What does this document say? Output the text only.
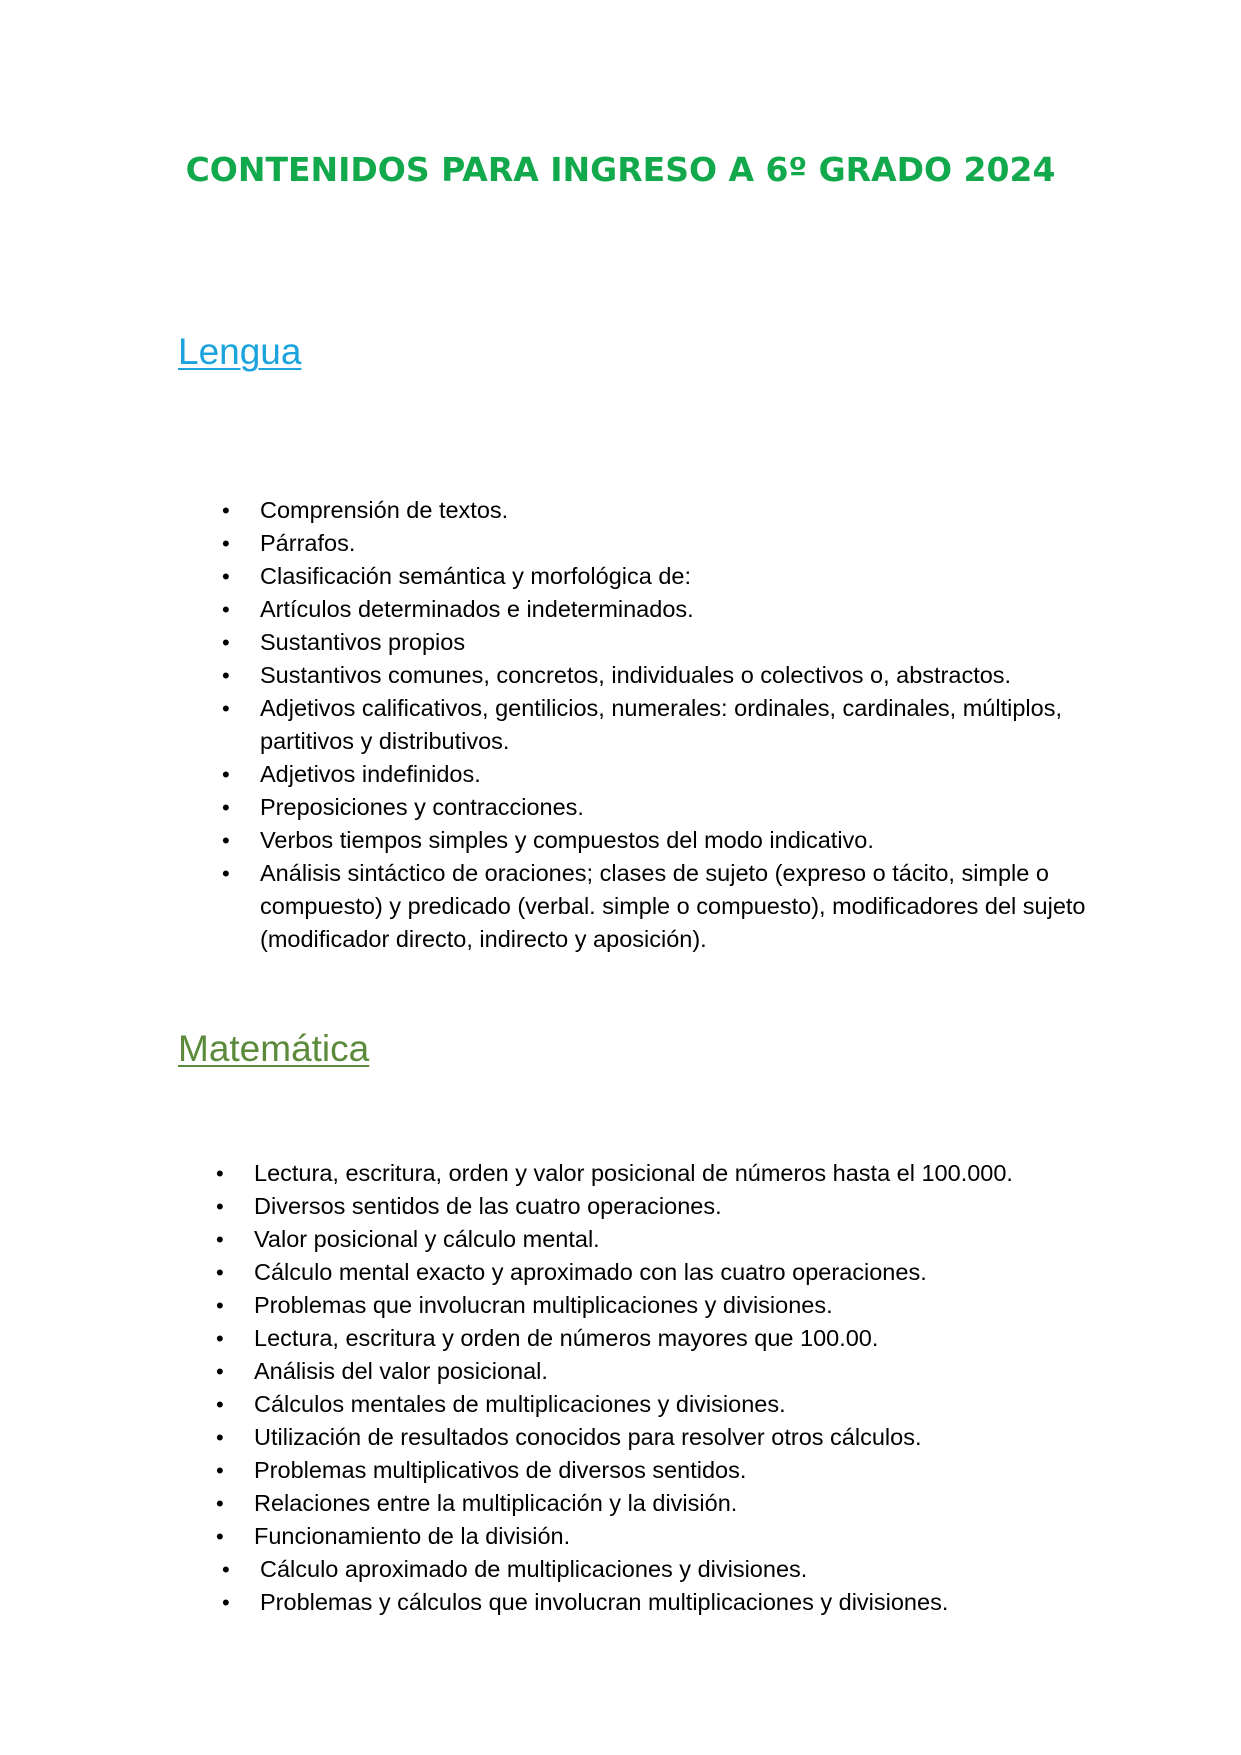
CONTENIDOS PARA INGRESO A 6º GRADO 2024
Lengua
• Comprensión de textos.
• Párrafos.
• Clasificación semántica y morfológica de:
• Artículos determinados e indeterminados.
• Sustantivos propios
• Sustantivos comunes, concretos, individuales o colectivos o, abstractos.
• Adjetivos calificativos, gentilicios, numerales: ordinales, cardinales, múltiplos, partitivos y distributivos.
• Adjetivos indefinidos.
• Preposiciones y contracciones.
• Verbos tiempos simples y compuestos del modo indicativo.
• Análisis sintáctico de oraciones; clases de sujeto (expreso o tácito, simple o compuesto) y predicado (verbal. simple o compuesto), modificadores del sujeto (modificador directo, indirecto y aposición).
Matemática
• Lectura, escritura, orden y valor posicional de números hasta el 100.000.
• Diversos sentidos de las cuatro operaciones.
• Valor posicional y cálculo mental.
• Cálculo mental exacto y aproximado con las cuatro operaciones.
• Problemas que involucran multiplicaciones y divisiones.
• Lectura, escritura y orden de números mayores que 100.00.
• Análisis del valor posicional.
• Cálculos mentales de multiplicaciones y divisiones.
• Utilización de resultados conocidos para resolver otros cálculos.
• Problemas multiplicativos de diversos sentidos.
• Relaciones entre la multiplicación y la división.
• Funcionamiento de la división.
• Cálculo aproximado de multiplicaciones y divisiones.
• Problemas y cálculos que involucran multiplicaciones y divisiones.
